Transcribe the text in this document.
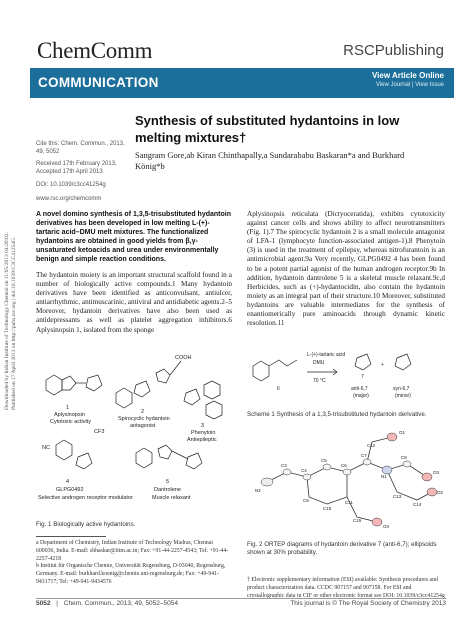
ChemComm	RSCPublishing
COMMUNICATION	View Article Online
View Journal | View Issue
Downloaded by Indian Institute of Technology Chennai on 11/05/2013 04:20:02. Published on 17 April 2013 on http://pubs.rsc.org | doi:10.1039/C3CC41254G
Cite this: Chem. Commun., 2013, 49, 5052
Received 17th February 2013,
Accepted 17th April 2013
DOI: 10.1039/c3cc41254g
www.rsc.org/chemcomm
Synthesis of substituted hydantoins in low melting mixtures†
Sangram Gore,ab Kiran Chinthapally,a Sundarababu Baskaran*a and Burkhard König*b
A novel domino synthesis of 1,3,5-trisubstituted hydantoin derivatives has been developed in low melting L-(+)-tartaric acid–DMU melt mixtures. The functionalized hydantoins are obtained in good yields from β,γ-unsaturated ketoacids and urea under environmentally benign and simple reaction conditions.
The hydantoin moiety is an important structural scaffold found in a number of biologically active compounds.1 Many hydantoin derivatives have been identified as anticonvulsant, antiulcer, antiarrhythmic, antimuscarinic, antiviral and antidiabetic agents.2–5 Moreover, hydantoin derivatives have also been used as antidepressants as well as platelet aggregation inhibitors.6 Aplysinopsin 1, isolated from the sponge
Aplysinopsis reticulata (Dictyoceratida), exhibits cytotoxicity against cancer cells and shows ability to affect neurotransmitters (Fig. 1).7 The spirocyclic hydantoin 2 is a small molecule antagonist of LFA-1 (lymphocyte function-associated antigen-1).8 Phenytoin (3) is used in the treatment of epilepsy, whereas nitrofurantoin is an antimicrobial agent.9a Very recently, GLPG0492 4 has been found to be a potent partial agonist of the human androgen receptor.9b In addition, hydantoin dantrolene 5 is a skeletal muscle relaxant.9c,d Herbicides, such as (+)-hydantocidin, also contain the hydantoin moiety as an integral part of their structure.10 Moreover, substituted hydantoins are valuable intermediates for the synthesis of enantiomerically pure aminoacids through dynamic kinetic resolution.11
COOH
CF3
NC
1
Aplysinopsin
Cytotoxic activity
2
Spirocyclic hydantoin
antagonist	3
Phenytoin
Antiepileptic
4
GLPG0492
Selective androgen receptor modulator
5
Dantrolene
Muscle relaxant
Fig. 1 Biologically active hydantoins.
6
L-(+)-tartaric acid
DMU
70 °C
7
anti-6,7
(major)
syn-6,7
(minor)
+
Scheme 1 Synthesis of a 1,3,5-trisubstituted hydantoin derivative.
C3
C4
C5
C6
C7	C8
C9
C10
C11
C12
C13
C14
C15
N1
N2
O1
O2
O3
O4
Fig. 2 ORTEP diagrams of hydantoin derivative 7 (anti-6,7); ellipsoids shown at 30% probability.
a Department of Chemistry, Indian Institute of Technology Madras, Chennai 600036, India. E-mail: sbhaskar@iitm.ac.in; Fax: +91-44-2257-4543; Tel: +91-44-2257-4218
b Institut für Organische Chemie, Universität Regensburg, D-93040, Regensburg, Germany. E-mail: burkhard.koenig@chemie.uni-regensburg.de; Fax: +49-941-9431717; Tel: +49-941-9434576	† Electronic supplementary information (ESI) available: Synthesis procedures and product characterization data. CCDC 907157 and 907158. For ESI and crystallographic data in CIF or other electronic format see DOI: 10.1039/c3cc41254g
5052 | Chem. Commun., 2013, 49, 5052–5054	This journal is © The Royal Society of Chemistry 2013
